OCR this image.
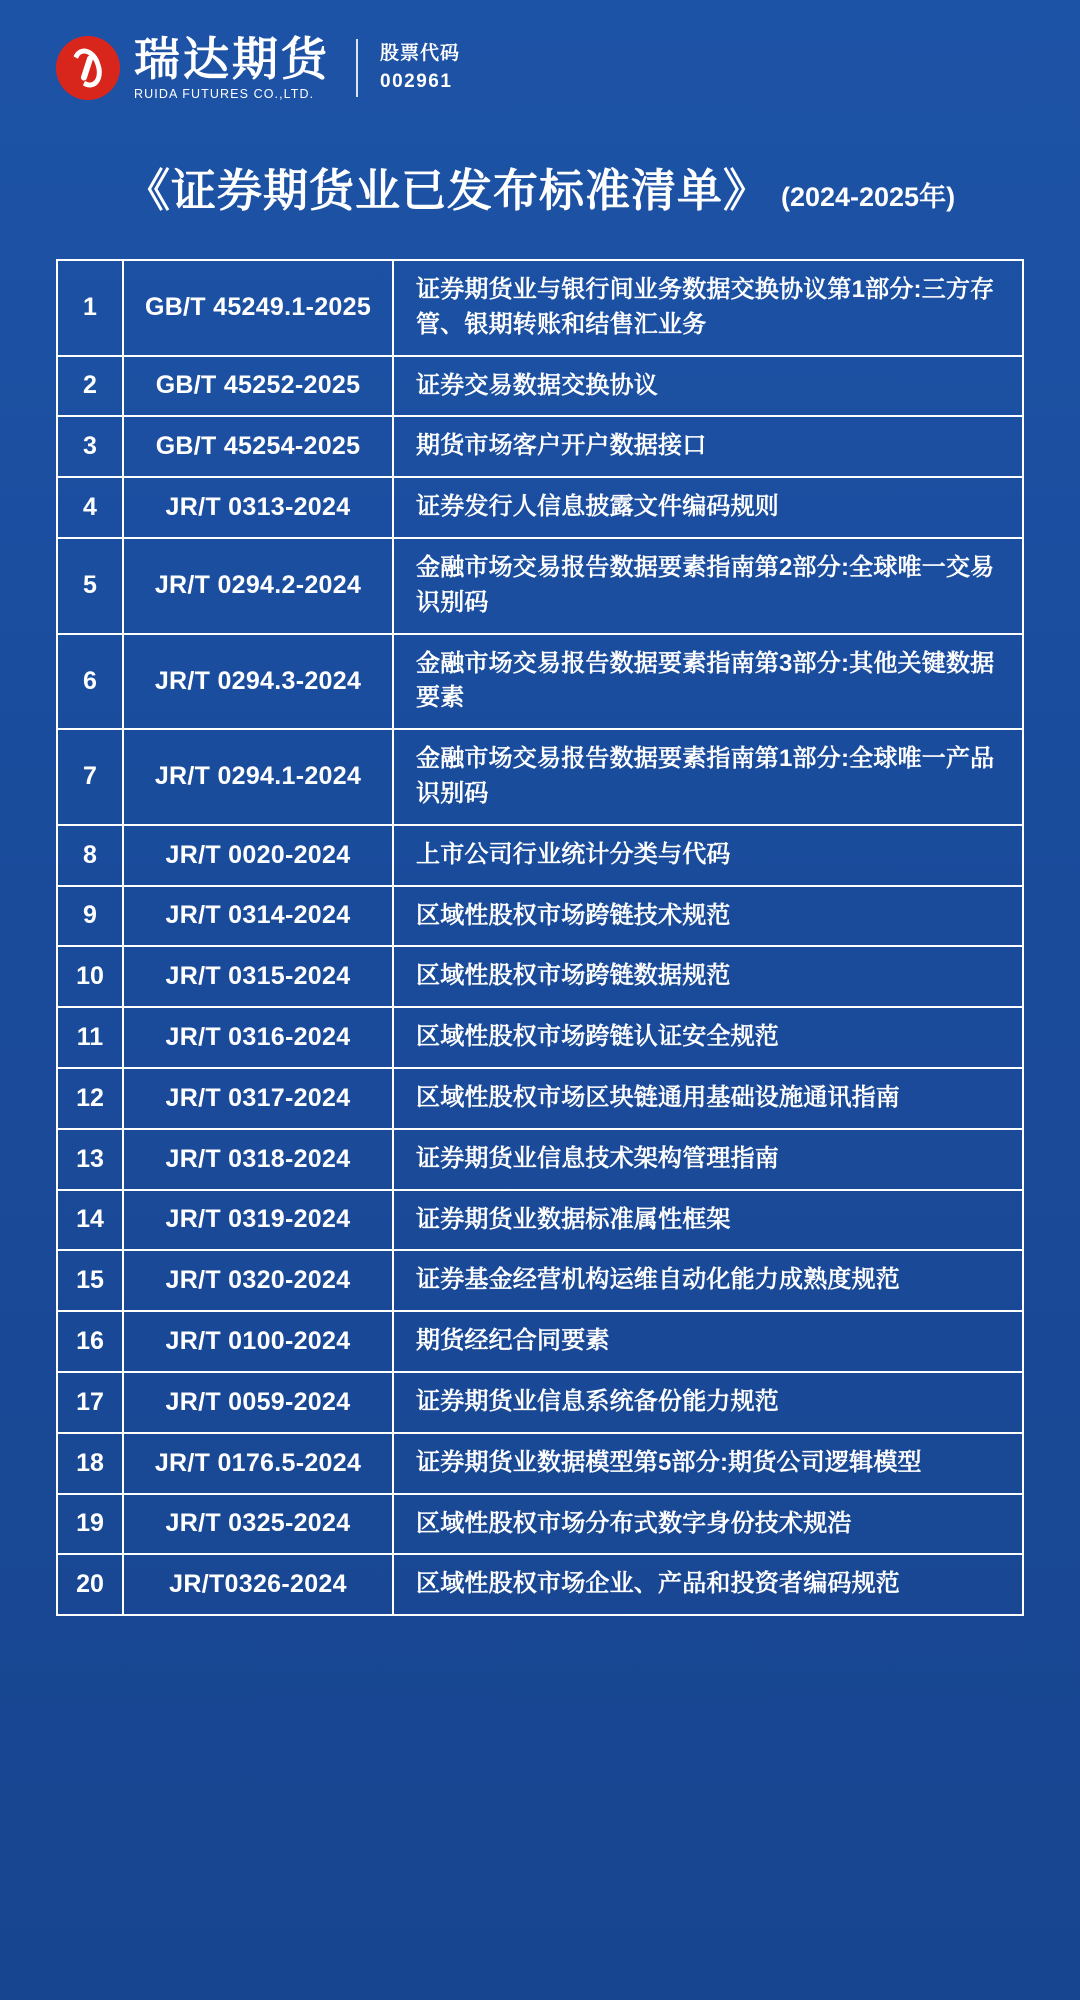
瑞达期货
RUIDA FUTURES CO.,LTD.
股票代码
002961
《证券期货业已发布标准清单》 (2024-2025年)
1	GB/T 45249.1-2025	证券期货业与银行间业务数据交换协议第1部分:三方存管、银期转账和结售汇业务
2	GB/T 45252-2025	证券交易数据交换协议
3	GB/T 45254-2025	期货市场客户开户数据接口
4	JR/T 0313-2024	证券发行人信息披露文件编码规则
5	JR/T 0294.2-2024	金融市场交易报告数据要素指南第2部分:全球唯一交易识别码
6	JR/T 0294.3-2024	金融市场交易报告数据要素指南第3部分:其他关键数据要素
7	JR/T 0294.1-2024	金融市场交易报告数据要素指南第1部分:全球唯一产品识别码
8	JR/T 0020-2024	上市公司行业统计分类与代码
9	JR/T 0314-2024	区域性股权市场跨链技术规范
10	JR/T 0315-2024	区域性股权市场跨链数据规范
11	JR/T 0316-2024	区域性股权市场跨链认证安全规范
12	JR/T 0317-2024	区域性股权市场区块链通用基础设施通讯指南
13	JR/T 0318-2024	证券期货业信息技术架构管理指南
14	JR/T 0319-2024	证券期货业数据标准属性框架
15	JR/T 0320-2024	证券基金经营机构运维自动化能力成熟度规范
16	JR/T 0100-2024	期货经纪合同要素
17	JR/T 0059-2024	证券期货业信息系统备份能力规范
18	JR/T 0176.5-2024	证券期货业数据模型第5部分:期货公司逻辑模型
19	JR/T 0325-2024	区域性股权市场分布式数字身份技术规浩
20	JR/T0326-2024	区域性股权市场企业、产品和投资者编码规范
